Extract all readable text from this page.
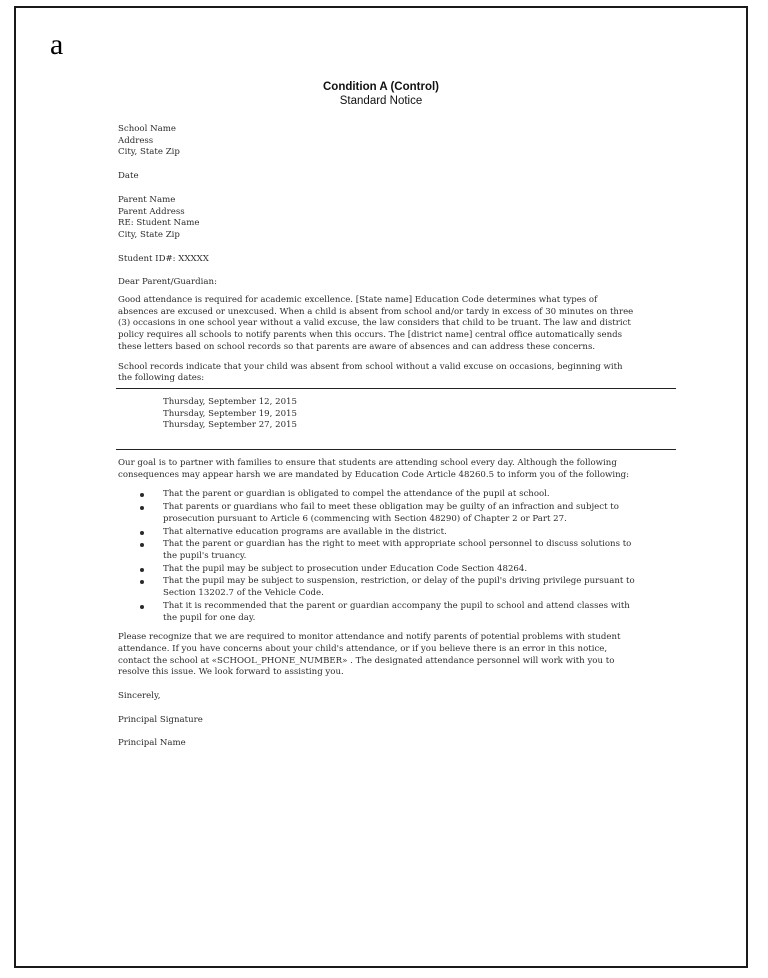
a
Condition A (Control)
Standard Notice
School Name
Address
City, State Zip
Date
Parent Name
Parent Address
RE: Student Name
City, State Zip
Student ID#: XXXXX
Dear Parent/Guardian:
Good attendance is required for academic excellence. [State name] Education Code determines what types of
absences are excused or unexcused. When a child is absent from school and/or tardy in excess of 30 minutes on three
(3) occasions in one school year without a valid excuse, the law considers that child to be truant. The law and district
policy requires all schools to notify parents when this occurs. The [district name] central office automatically sends
these letters based on school records so that parents are aware of absences and can address these concerns.
School records indicate that your child was absent from school without a valid excuse on occasions, beginning with
the following dates:
Thursday, September 12, 2015
Thursday, September 19, 2015
Thursday, September 27, 2015
Our goal is to partner with families to ensure that students are attending school every day. Although the following
consequences may appear harsh we are mandated by Education Code Article 48260.5 to inform you of the following:
That the parent or guardian is obligated to compel the attendance of the pupil at school.
That parents or guardians who fail to meet these obligation may be guilty of an infraction and subject to
prosecution pursuant to Article 6 (commencing with Section 48290) of Chapter 2 or Part 27.
That alternative education programs are available in the district.
That the parent or guardian has the right to meet with appropriate school personnel to discuss solutions to
the pupil's truancy.
That the pupil may be subject to prosecution under Education Code Section 48264.
That the pupil may be subject to suspension, restriction, or delay of the pupil's driving privilege pursuant to
Section 13202.7 of the Vehicle Code.
That it is recommended that the parent or guardian accompany the pupil to school and attend classes with
the pupil for one day.
Please recognize that we are required to monitor attendance and notify parents of potential problems with student
attendance. If you have concerns about your child's attendance, or if you believe there is an error in this notice,
contact the school at «SCHOOL_PHONE_NUMBER» . The designated attendance personnel will work with you to
resolve this issue. We look forward to assisting you.
Sincerely,
Principal Signature
Principal Name
